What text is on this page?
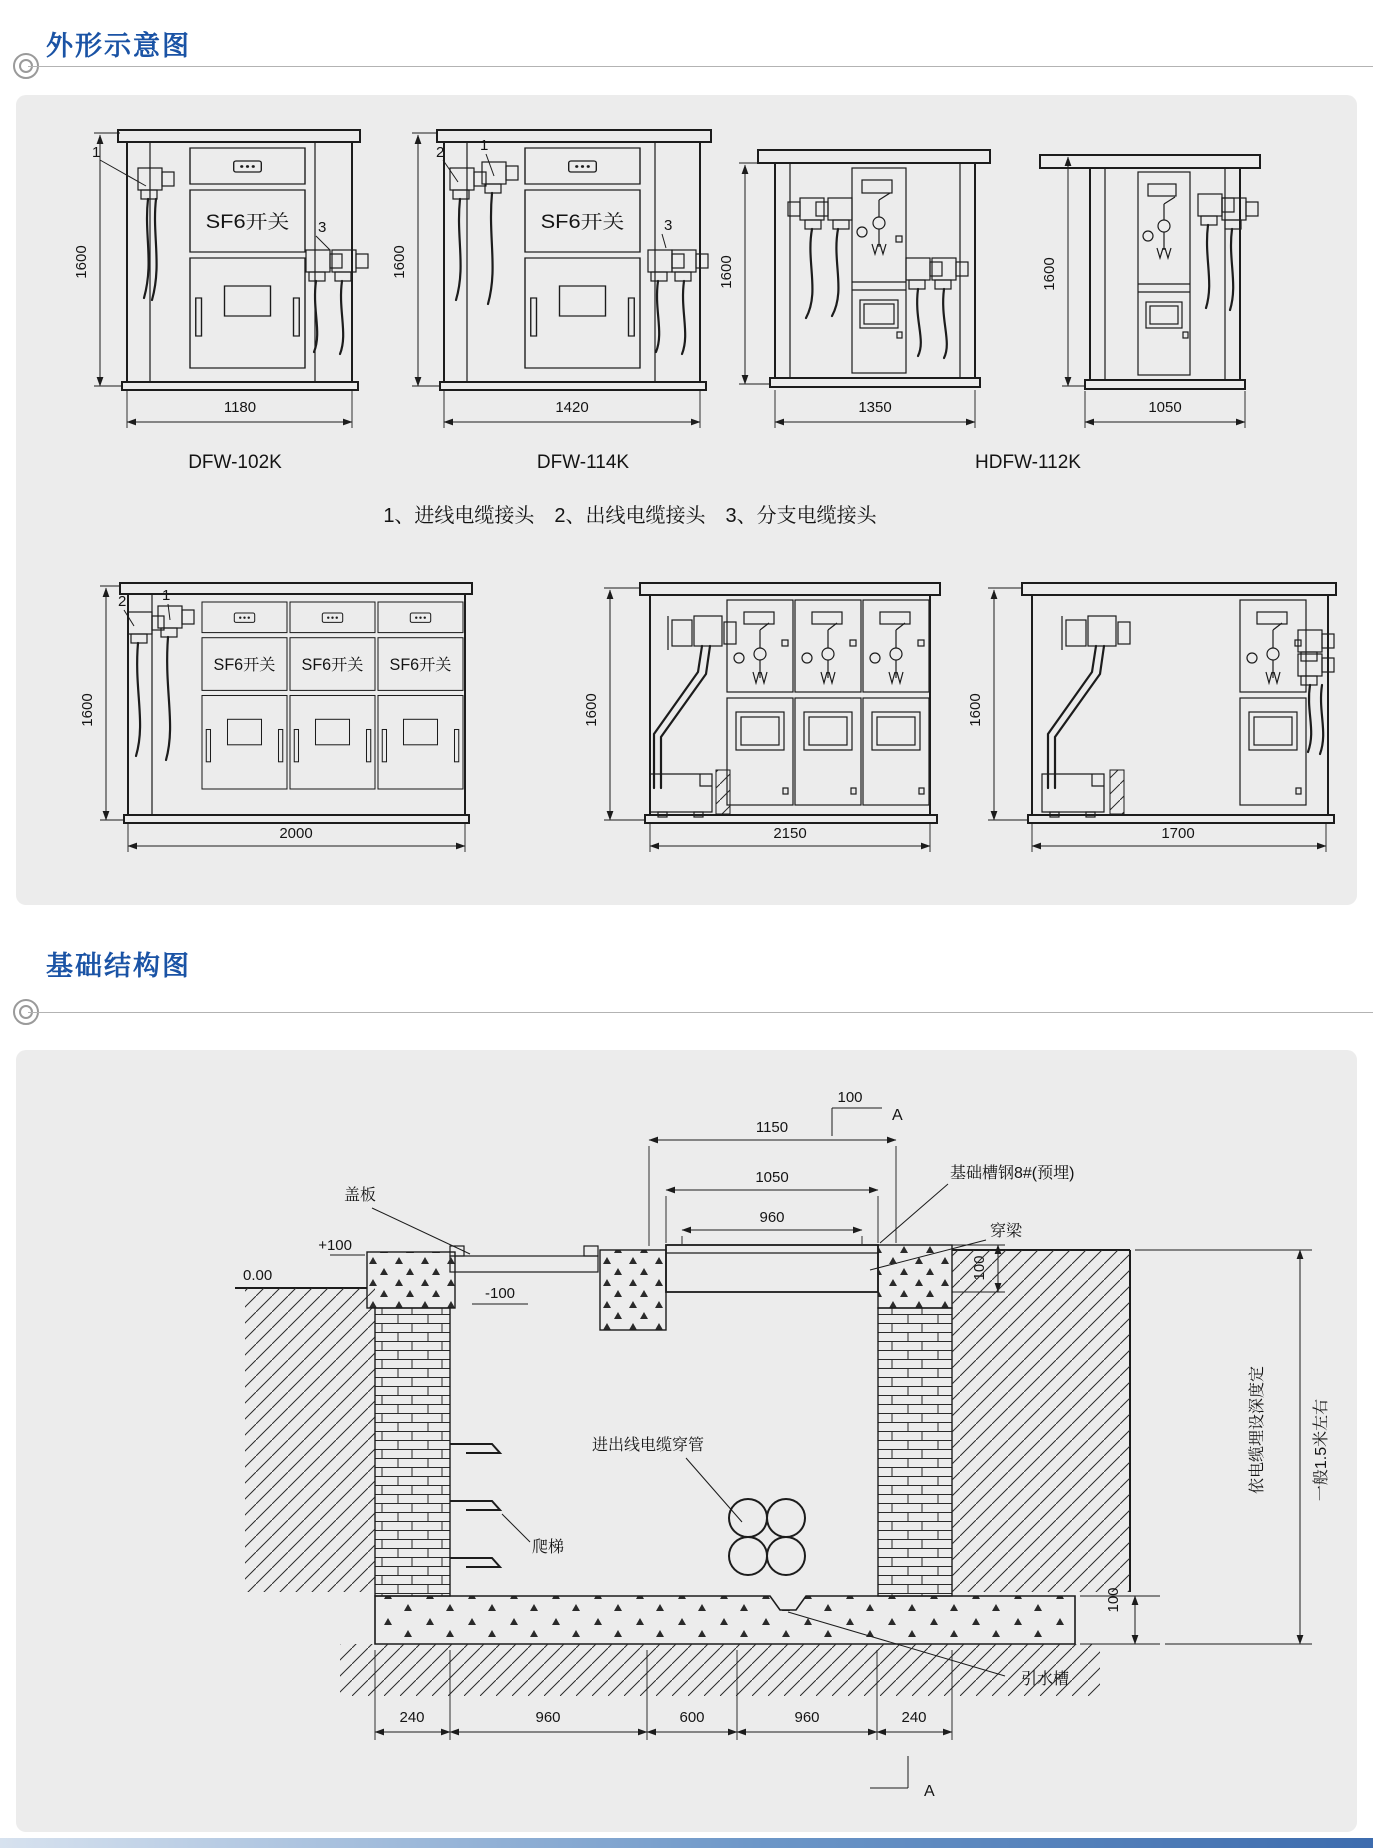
外形示意图
基础结构图
SF6开关
1
3
1600
1180
DFW-102K
2 1
3
1600
1420
DFW-114K
1600
1350
1600
1050
HDFW-112K
1、进线电缆接头　2、出线电缆接头　3、分支电缆接头
2 1
1600
2000
1600
2150
1600
1700
100
A
1150
1050
960
基础槽钢8#(预埋)
穿梁
0.00
+100
盖板
-100
爬梯
进出线电缆穿管
引水槽
100
依电缆埋设深度定	一般1.5米左右
240	960	600	960	240
A
